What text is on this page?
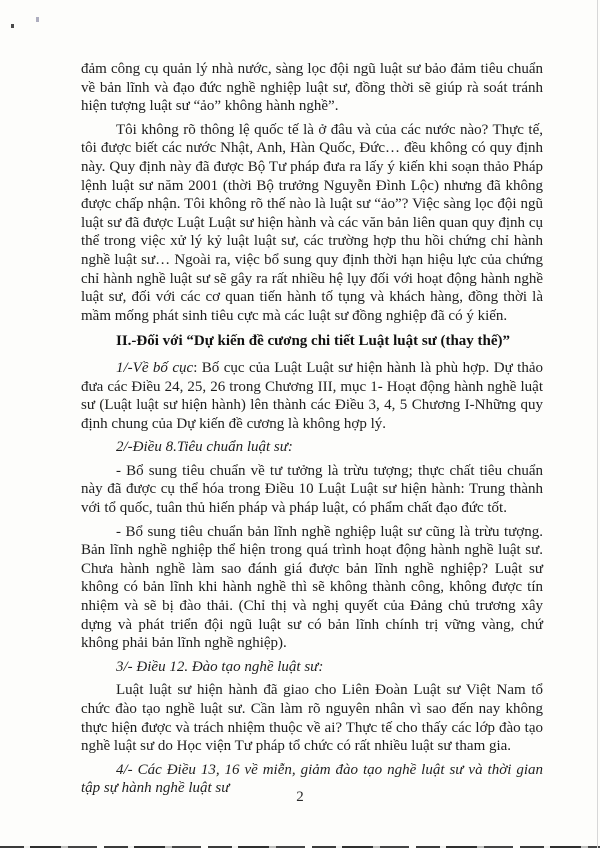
đảm công cụ quản lý nhà nước, sàng lọc đội ngũ luật sư bảo đảm tiêu chuẩn về bản lĩnh và đạo đức nghề nghiệp luật sư, đồng thời sẽ giúp rà soát tránh hiện tượng luật sư “ảo” không hành nghề”.

Tôi không rõ thông lệ quốc tế là ở đâu và của các nước nào? Thực tế, tôi được biết các nước Nhật, Anh, Hàn Quốc, Đức… đều không có quy định này. Quy định này đã được Bộ Tư pháp đưa ra lấy ý kiến khi soạn thảo Pháp lệnh luật sư năm 2001 (thời Bộ trưởng Nguyễn Đình Lộc) nhưng đã không được chấp nhận. Tôi không rõ thế nào là luật sư “ảo”? Việc sàng lọc đội ngũ luật sư đã được Luật Luật sư hiện hành và các văn bản liên quan quy định cụ thể trong việc xử lý kỷ luật luật sư, các trường hợp thu hồi chứng chỉ hành nghề luật sư… Ngoài ra, việc bổ sung quy định thời hạn hiệu lực của chứng chỉ hành nghề luật sư sẽ gây ra rất nhiều hệ lụy đối với hoạt động hành nghề luật sư, đối với các cơ quan tiến hành tố tụng và khách hàng, đồng thời là mầm mống phát sinh tiêu cực mà các luật sư đồng nghiệp đã có ý kiến.

II.-Đối với “Dự kiến đề cương chi tiết Luật luật sư (thay thế)”

1/-Về bố cục: Bố cục của Luật Luật sư hiện hành là phù hợp. Dự thảo đưa các Điều 24, 25, 26 trong Chương III, mục 1- Hoạt động hành nghề luật sư (Luật luật sư hiện hành) lên thành các Điều 3, 4, 5 Chương I-Những quy định chung của Dự kiến đề cương là không hợp lý.

2/-Điều 8.Tiêu chuẩn luật sư:

- Bổ sung tiêu chuẩn về tư tưởng là trừu tượng; thực chất tiêu chuẩn này đã được cụ thể hóa trong Điều 10 Luật Luật sư hiện hành: Trung thành với tổ quốc, tuân thủ hiến pháp và pháp luật, có phẩm chất đạo đức tốt.

- Bổ sung tiêu chuẩn bản lĩnh nghề nghiệp luật sư cũng là trừu tượng. Bản lĩnh nghề nghiệp thể hiện trong quá trình hoạt động hành nghề luật sư. Chưa hành nghề làm sao đánh giá được bản lĩnh nghề nghiệp? Luật sư không có bản lĩnh khi hành nghề thì sẽ không thành công, không được tín nhiệm và sẽ bị đào thải. (Chỉ thị và nghị quyết của Đảng chủ trương xây dựng và phát triển đội ngũ luật sư có bản lĩnh chính trị vững vàng, chứ không phải bản lĩnh nghề nghiệp).

3/- Điều 12. Đào tạo nghề luật sư:

Luật luật sư hiện hành đã giao cho Liên Đoàn Luật sư Việt Nam tổ chức đào tạo nghề luật sư. Cần làm rõ nguyên nhân vì sao đến nay không thực hiện được và trách nhiệm thuộc về ai? Thực tế cho thấy các lớp đào tạo nghề luật sư do Học viện Tư pháp tổ chức có rất nhiều luật sư tham gia.

4/- Các Điều 13, 16 về miễn, giảm đào tạo nghề luật sư và thời gian tập sự hành nghề luật sư

2
